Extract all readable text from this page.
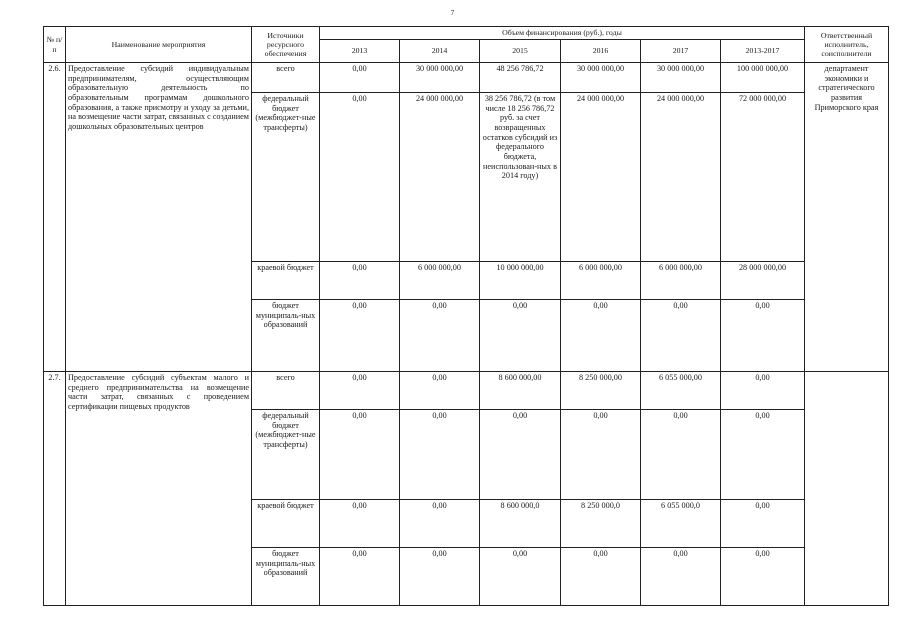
7
№ п/п	Наименование мероприятия	Источники ресурсного обеспечения	Объем финансирования (руб.), годы						Ответственный исполнитель, соисполнители
			2013	2014	2015	2016	2017	2013-2017	
2.6.	Предоставление субсидий индивидуальным предпринимателям, осуществляющим образовательную деятельность по образовательным программам дошкольного образования, а также присмотру и уходу за детьми, на возмещение части затрат, связанных с созданием дошкольных образовательных центров	всего	0,00	30 000 000,00	48 256 786,72	30 000 000,00	30 000 000,00	100 000 000,00	департамент экономики и стратегического развития Приморского края
		федеральный бюджет (межбюджет-ные трансферты)	0,00	24 000 000,00	38 256 786,72 (в том числе 18 256 786,72 руб. за счет возвращенных остатков субсидий из федерального бюджета, неиспользован-ных в 2014 году)	24 000 000,00	24 000 000,00	72 000 000,00	
		краевой бюджет	0,00	6 000 000,00	10 000 000,00	6 000 000,00	6 000 000,00	28 000 000,00	
		бюджет муниципаль-ных образований	0,00	0,00	0,00	0,00	0,00	0,00	
2.7.	Предоставление субсидий субъектам малого и среднего предпринимательства на возмещение части затрат, связанных с проведением сертификации пищевых продуктов	всего	0,00	0,00	8 600 000,00	8 250 000,00	6 055 000,00	0,00	
		федеральный бюджет (межбюджет-ные трансферты)	0,00	0,00	0,00	0,00	0,00	0,00	
		краевой бюджет	0,00	0,00	8 600 000,0	8 250 000,0	6 055 000,0	0,00	
		бюджет муниципаль-ных образований	0,00	0,00	0,00	0,00	0,00	0,00	
